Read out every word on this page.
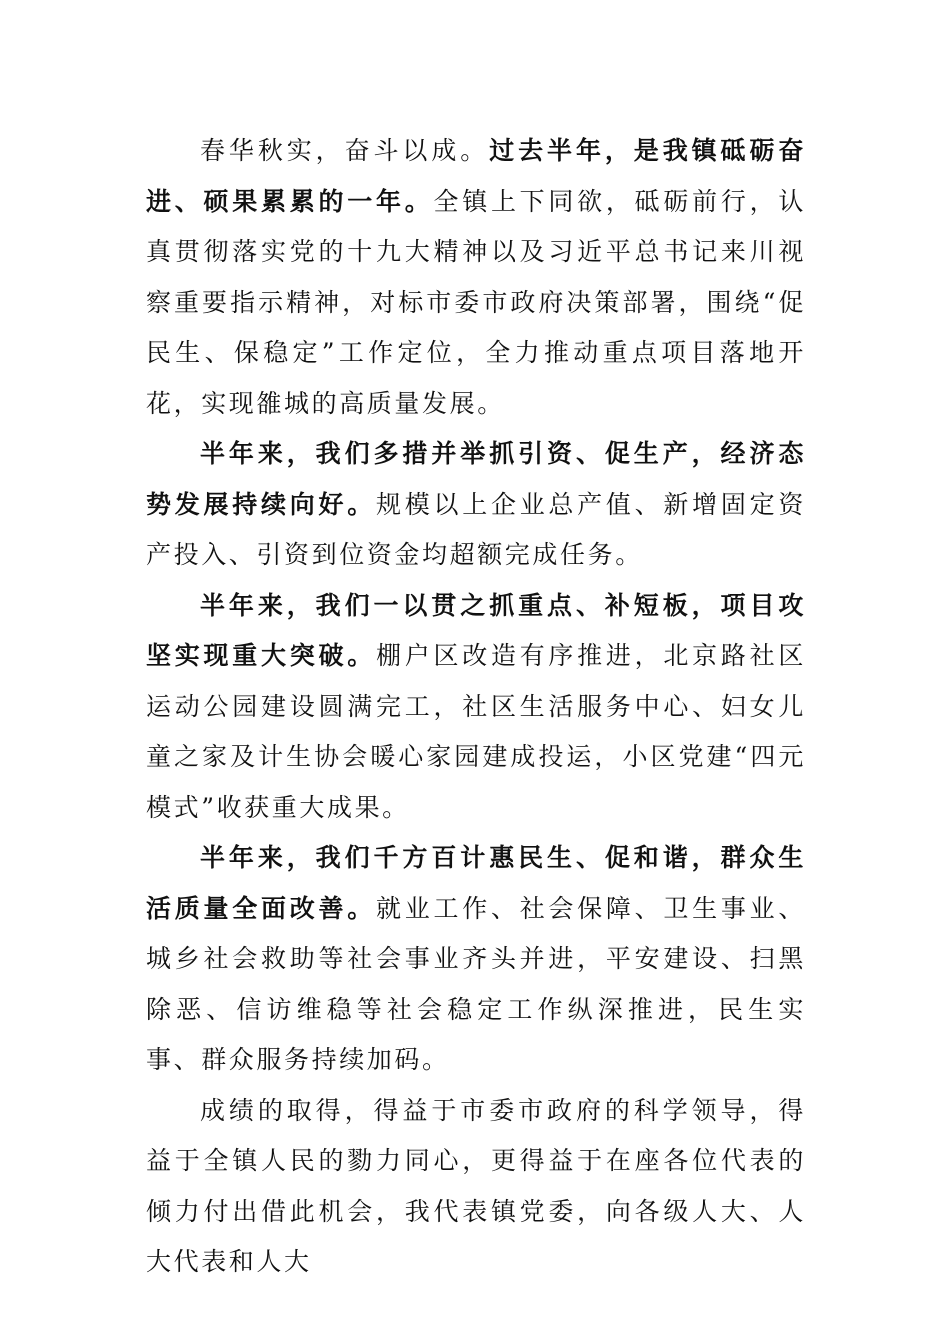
春华秋实，奋斗以成。过去半年，是我镇砥砺奋进、硕果累累的一年。全镇上下同欲，砥砺前行，认真贯彻落实党的十九大精神以及习近平总书记来川视察重要指示精神，对标市委市政府决策部署，围绕“促民生、保稳定”工作定位，全力推动重点项目落地开花，实现雒城的高质量发展。

半年来，我们多措并举抓引资、促生产，经济态势发展持续向好。规模以上企业总产值、新增固定资产投入、引资到位资金均超额完成任务。

半年来，我们一以贯之抓重点、补短板，项目攻坚实现重大突破。棚户区改造有序推进，北京路社区运动公园建设圆满完工，社区生活服务中心、妇女儿童之家及计生协会暖心家园建成投运，小区党建“四元模式”收获重大成果。

半年来，我们千方百计惠民生、促和谐，群众生活质量全面改善。就业工作、社会保障、卫生事业、城乡社会救助等社会事业齐头并进，平安建设、扫黑除恶、信访维稳等社会稳定工作纵深推进，民生实事、群众服务持续加码。

成绩的取得，得益于市委市政府的科学领导，得益于全镇人民的勠力同心，更得益于在座各位代表的倾力付出借此机会，我代表镇党委，向各级人大、人大代表和人大
